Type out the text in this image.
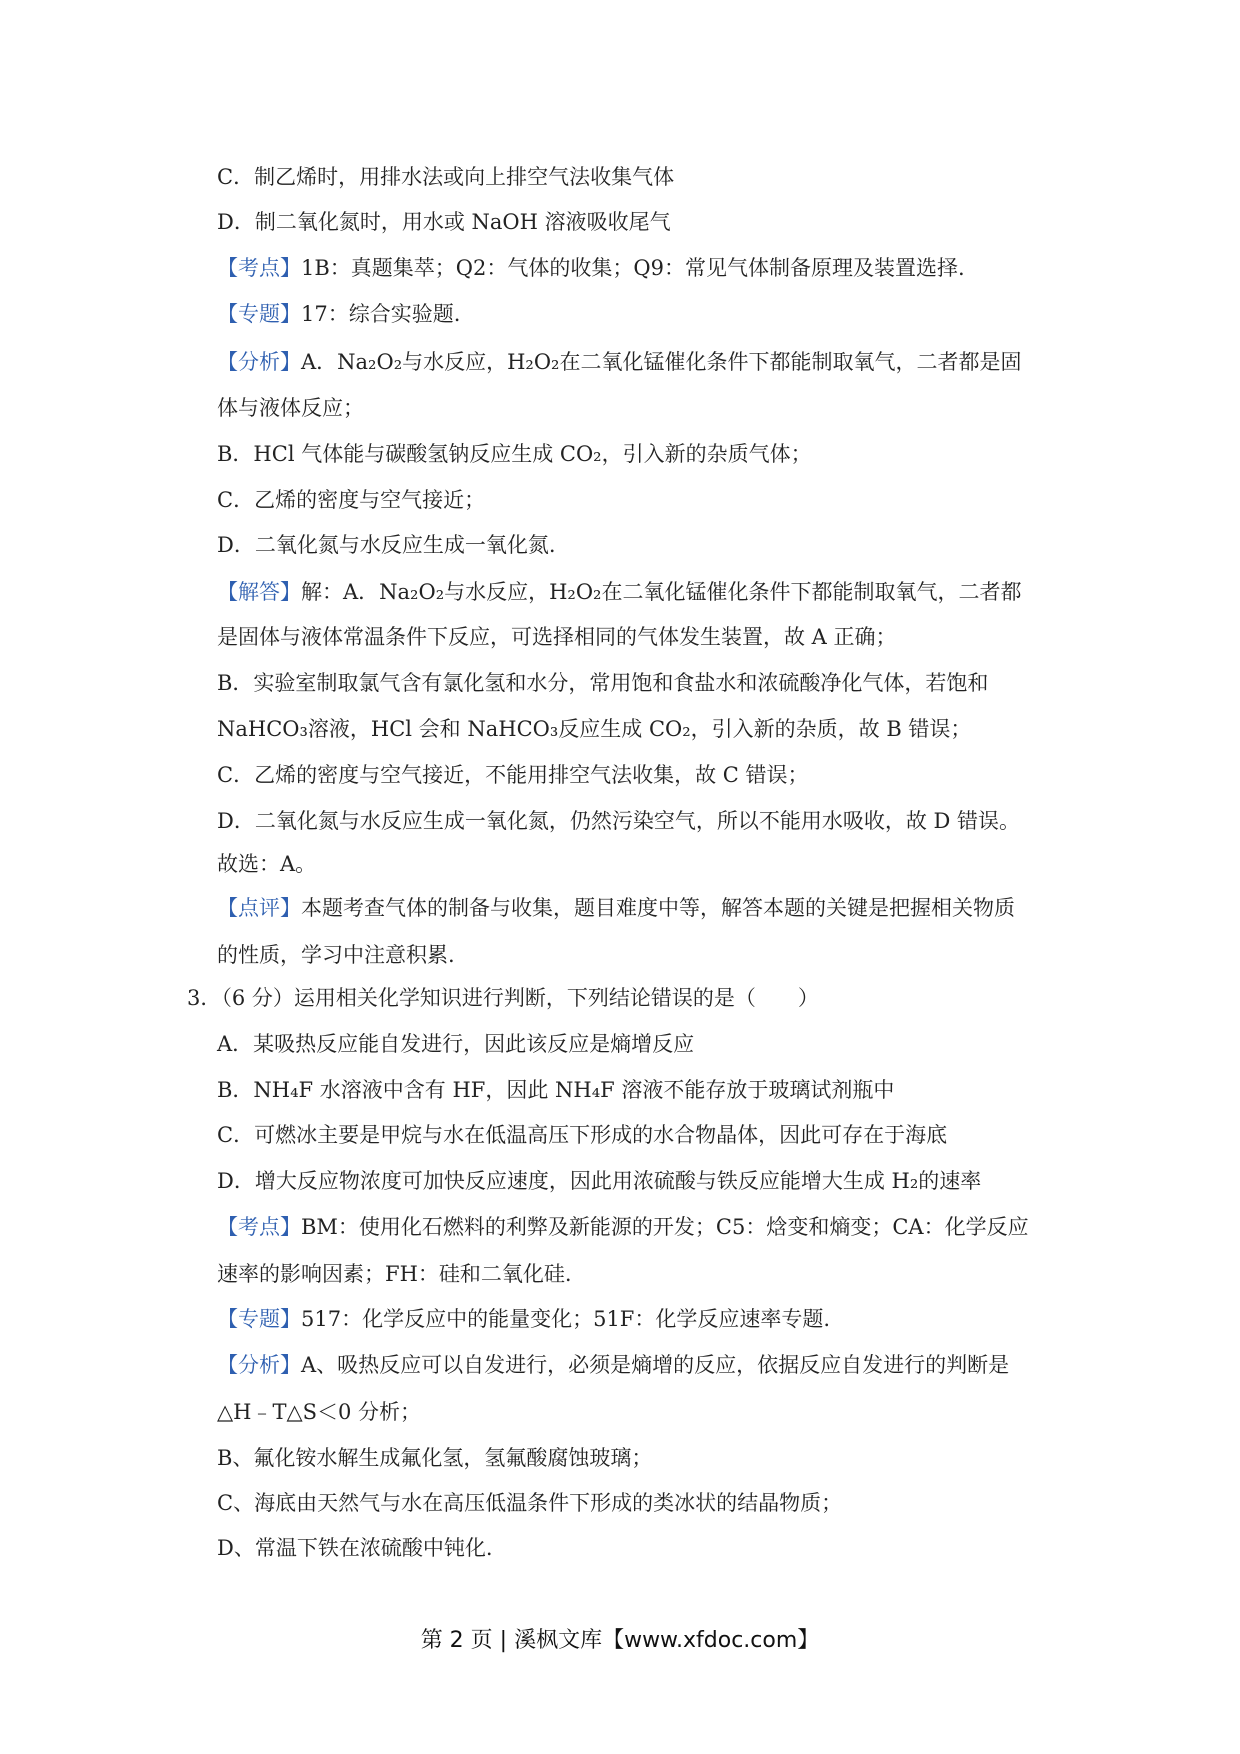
C．制乙烯时，用排水法或向上排空气法收集气体
D．制二氧化氮时，用水或 NaOH 溶液吸收尾气
【考点】1B：真题集萃；Q2：气体的收集；Q9：常见气体制备原理及装置选择.
【专题】17：综合实验题.
【分析】A．Na₂O₂与水反应，H₂O₂在二氧化锰催化条件下都能制取氧气，二者都是固
体与液体反应；
B．HCl 气体能与碳酸氢钠反应生成 CO₂，引入新的杂质气体；
C．乙烯的密度与空气接近；
D．二氧化氮与水反应生成一氧化氮.
【解答】解：A．Na₂O₂与水反应，H₂O₂在二氧化锰催化条件下都能制取氧气，二者都
是固体与液体常温条件下反应，可选择相同的气体发生装置，故 A 正确；
B．实验室制取氯气含有氯化氢和水分，常用饱和食盐水和浓硫酸净化气体，若饱和
NaHCO₃溶液，HCl 会和 NaHCO₃反应生成 CO₂，引入新的杂质，故 B 错误；
C．乙烯的密度与空气接近，不能用排空气法收集，故 C 错误；
D．二氧化氮与水反应生成一氧化氮，仍然污染空气，所以不能用水吸收，故 D 错误。
故选：A。
【点评】本题考查气体的制备与收集，题目难度中等，解答本题的关键是把握相关物质
的性质，学习中注意积累.
3．（6 分）运用相关化学知识进行判断，下列结论错误的是（　　）
A．某吸热反应能自发进行，因此该反应是熵增反应
B．NH₄F 水溶液中含有 HF，因此 NH₄F 溶液不能存放于玻璃试剂瓶中
C．可燃冰主要是甲烷与水在低温高压下形成的水合物晶体，因此可存在于海底
D．增大反应物浓度可加快反应速度，因此用浓硫酸与铁反应能增大生成 H₂的速率
【考点】BM：使用化石燃料的利弊及新能源的开发；C5：焓变和熵变；CA：化学反应
速率的影响因素；FH：硅和二氧化硅.
【专题】517：化学反应中的能量变化；51F：化学反应速率专题.
【分析】A、吸热反应可以自发进行，必须是熵增的反应，依据反应自发进行的判断是
△H﹣T△S＜0 分析；
B、氟化铵水解生成氟化氢，氢氟酸腐蚀玻璃；
C、海底由天然气与水在高压低温条件下形成的类冰状的结晶物质；
D、常温下铁在浓硫酸中钝化.
第 2 页 | 溪枫文库【www.xfdoc.com】
